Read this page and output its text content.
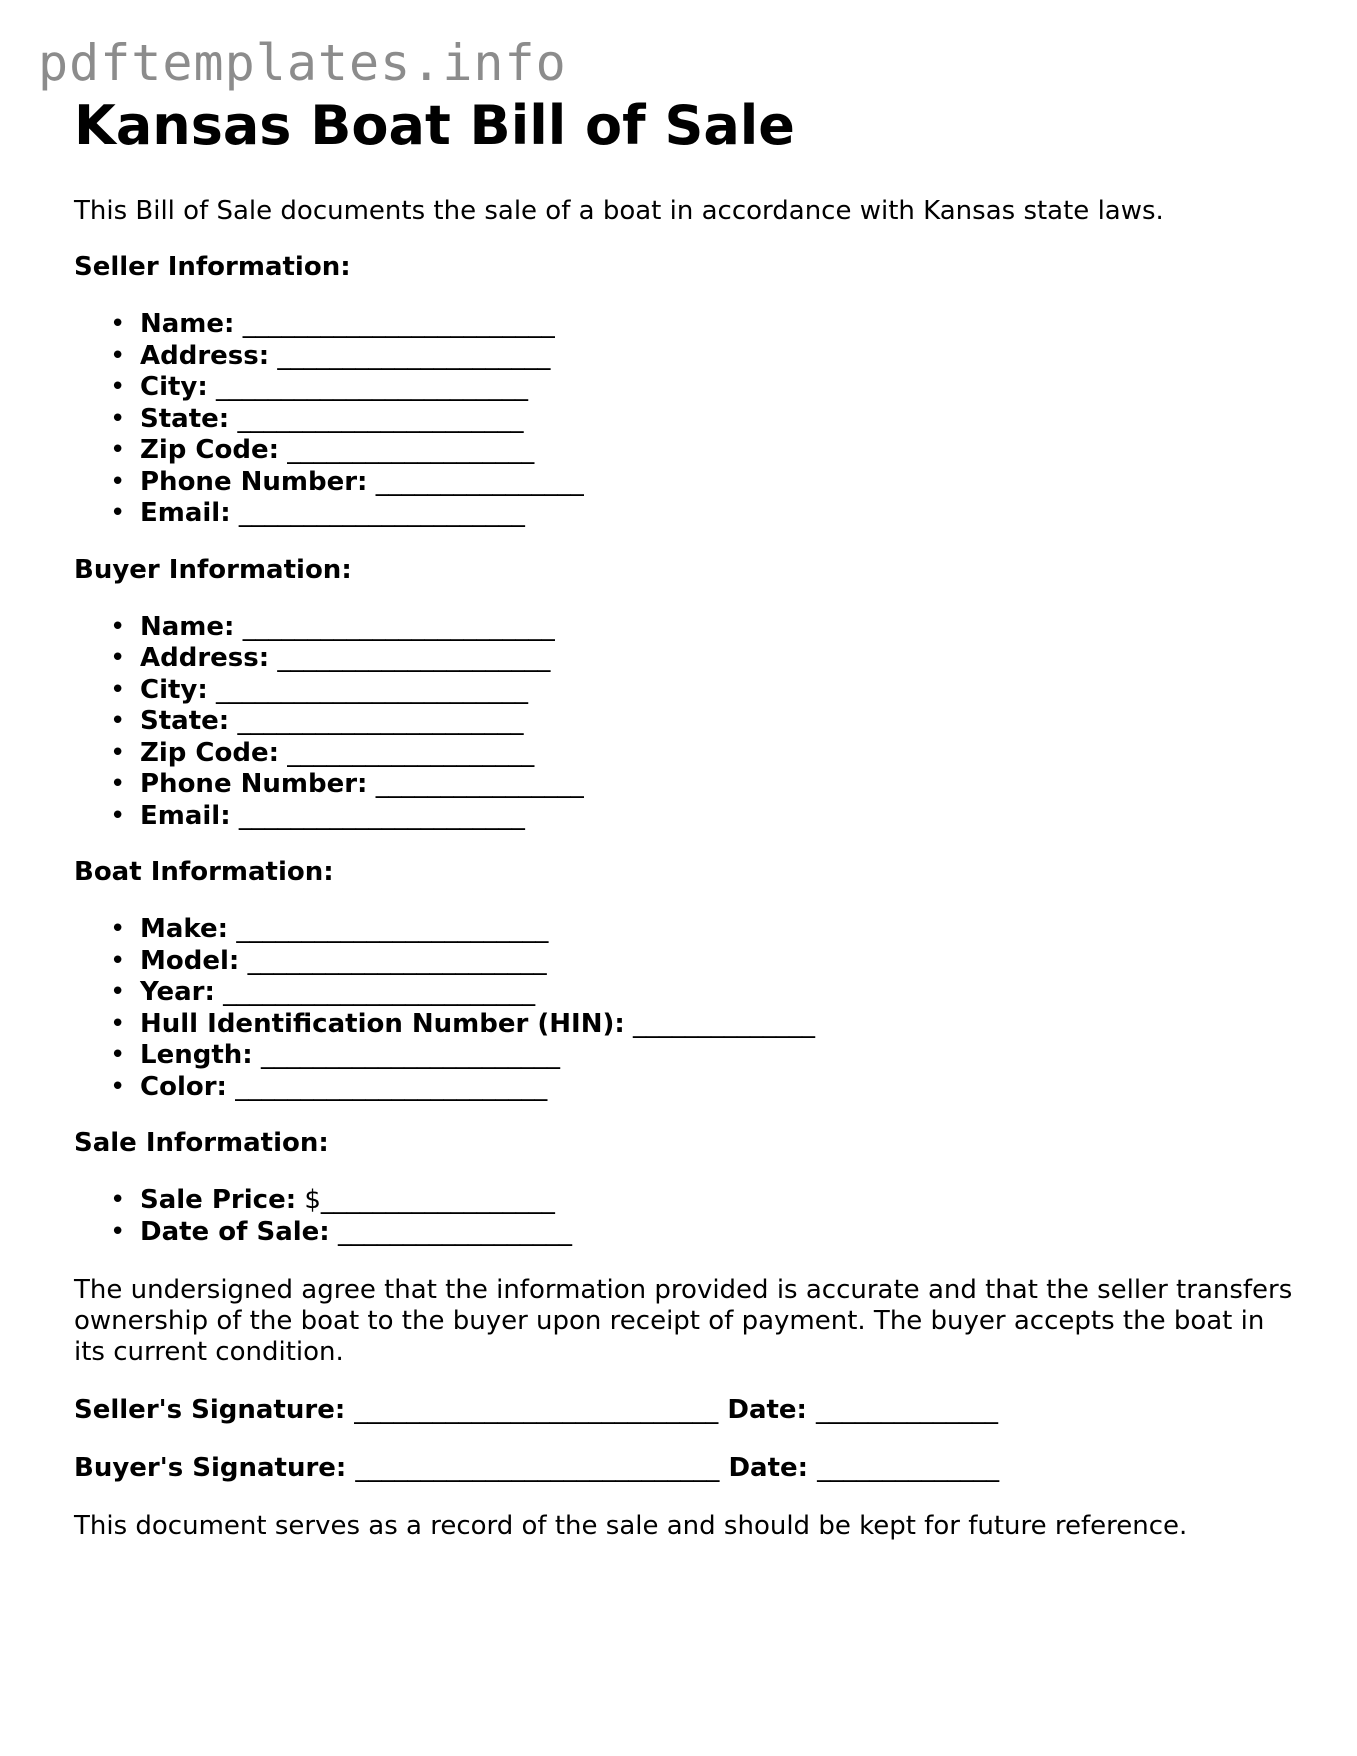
pdftemplates.info
Kansas Boat Bill of Sale

This Bill of Sale documents the sale of a boat in accordance with Kansas state laws.

Seller Information:

• Name: ________________________
• Address: _____________________
• City: ________________________
• State: ______________________
• Zip Code: ___________________
• Phone Number: ________________
• Email: ______________________

Buyer Information:

• Name: ________________________
• Address: _____________________
• City: ________________________
• State: ______________________
• Zip Code: ___________________
• Phone Number: ________________
• Email: ______________________

Boat Information:

• Make: ________________________
• Model: _______________________
• Year: ________________________
• Hull Identification Number (HIN): ______________
• Length: _______________________
• Color: ________________________

Sale Information:

• Sale Price: $__________________
• Date of Sale: __________________

The undersigned agree that the information provided is accurate and that the seller transfers ownership of the boat to the buyer upon receipt of payment. The buyer accepts the boat in its current condition.

Seller's Signature: ____________________________ Date: ______________

Buyer's Signature: ____________________________ Date: ______________

This document serves as a record of the sale and should be kept for future reference.
